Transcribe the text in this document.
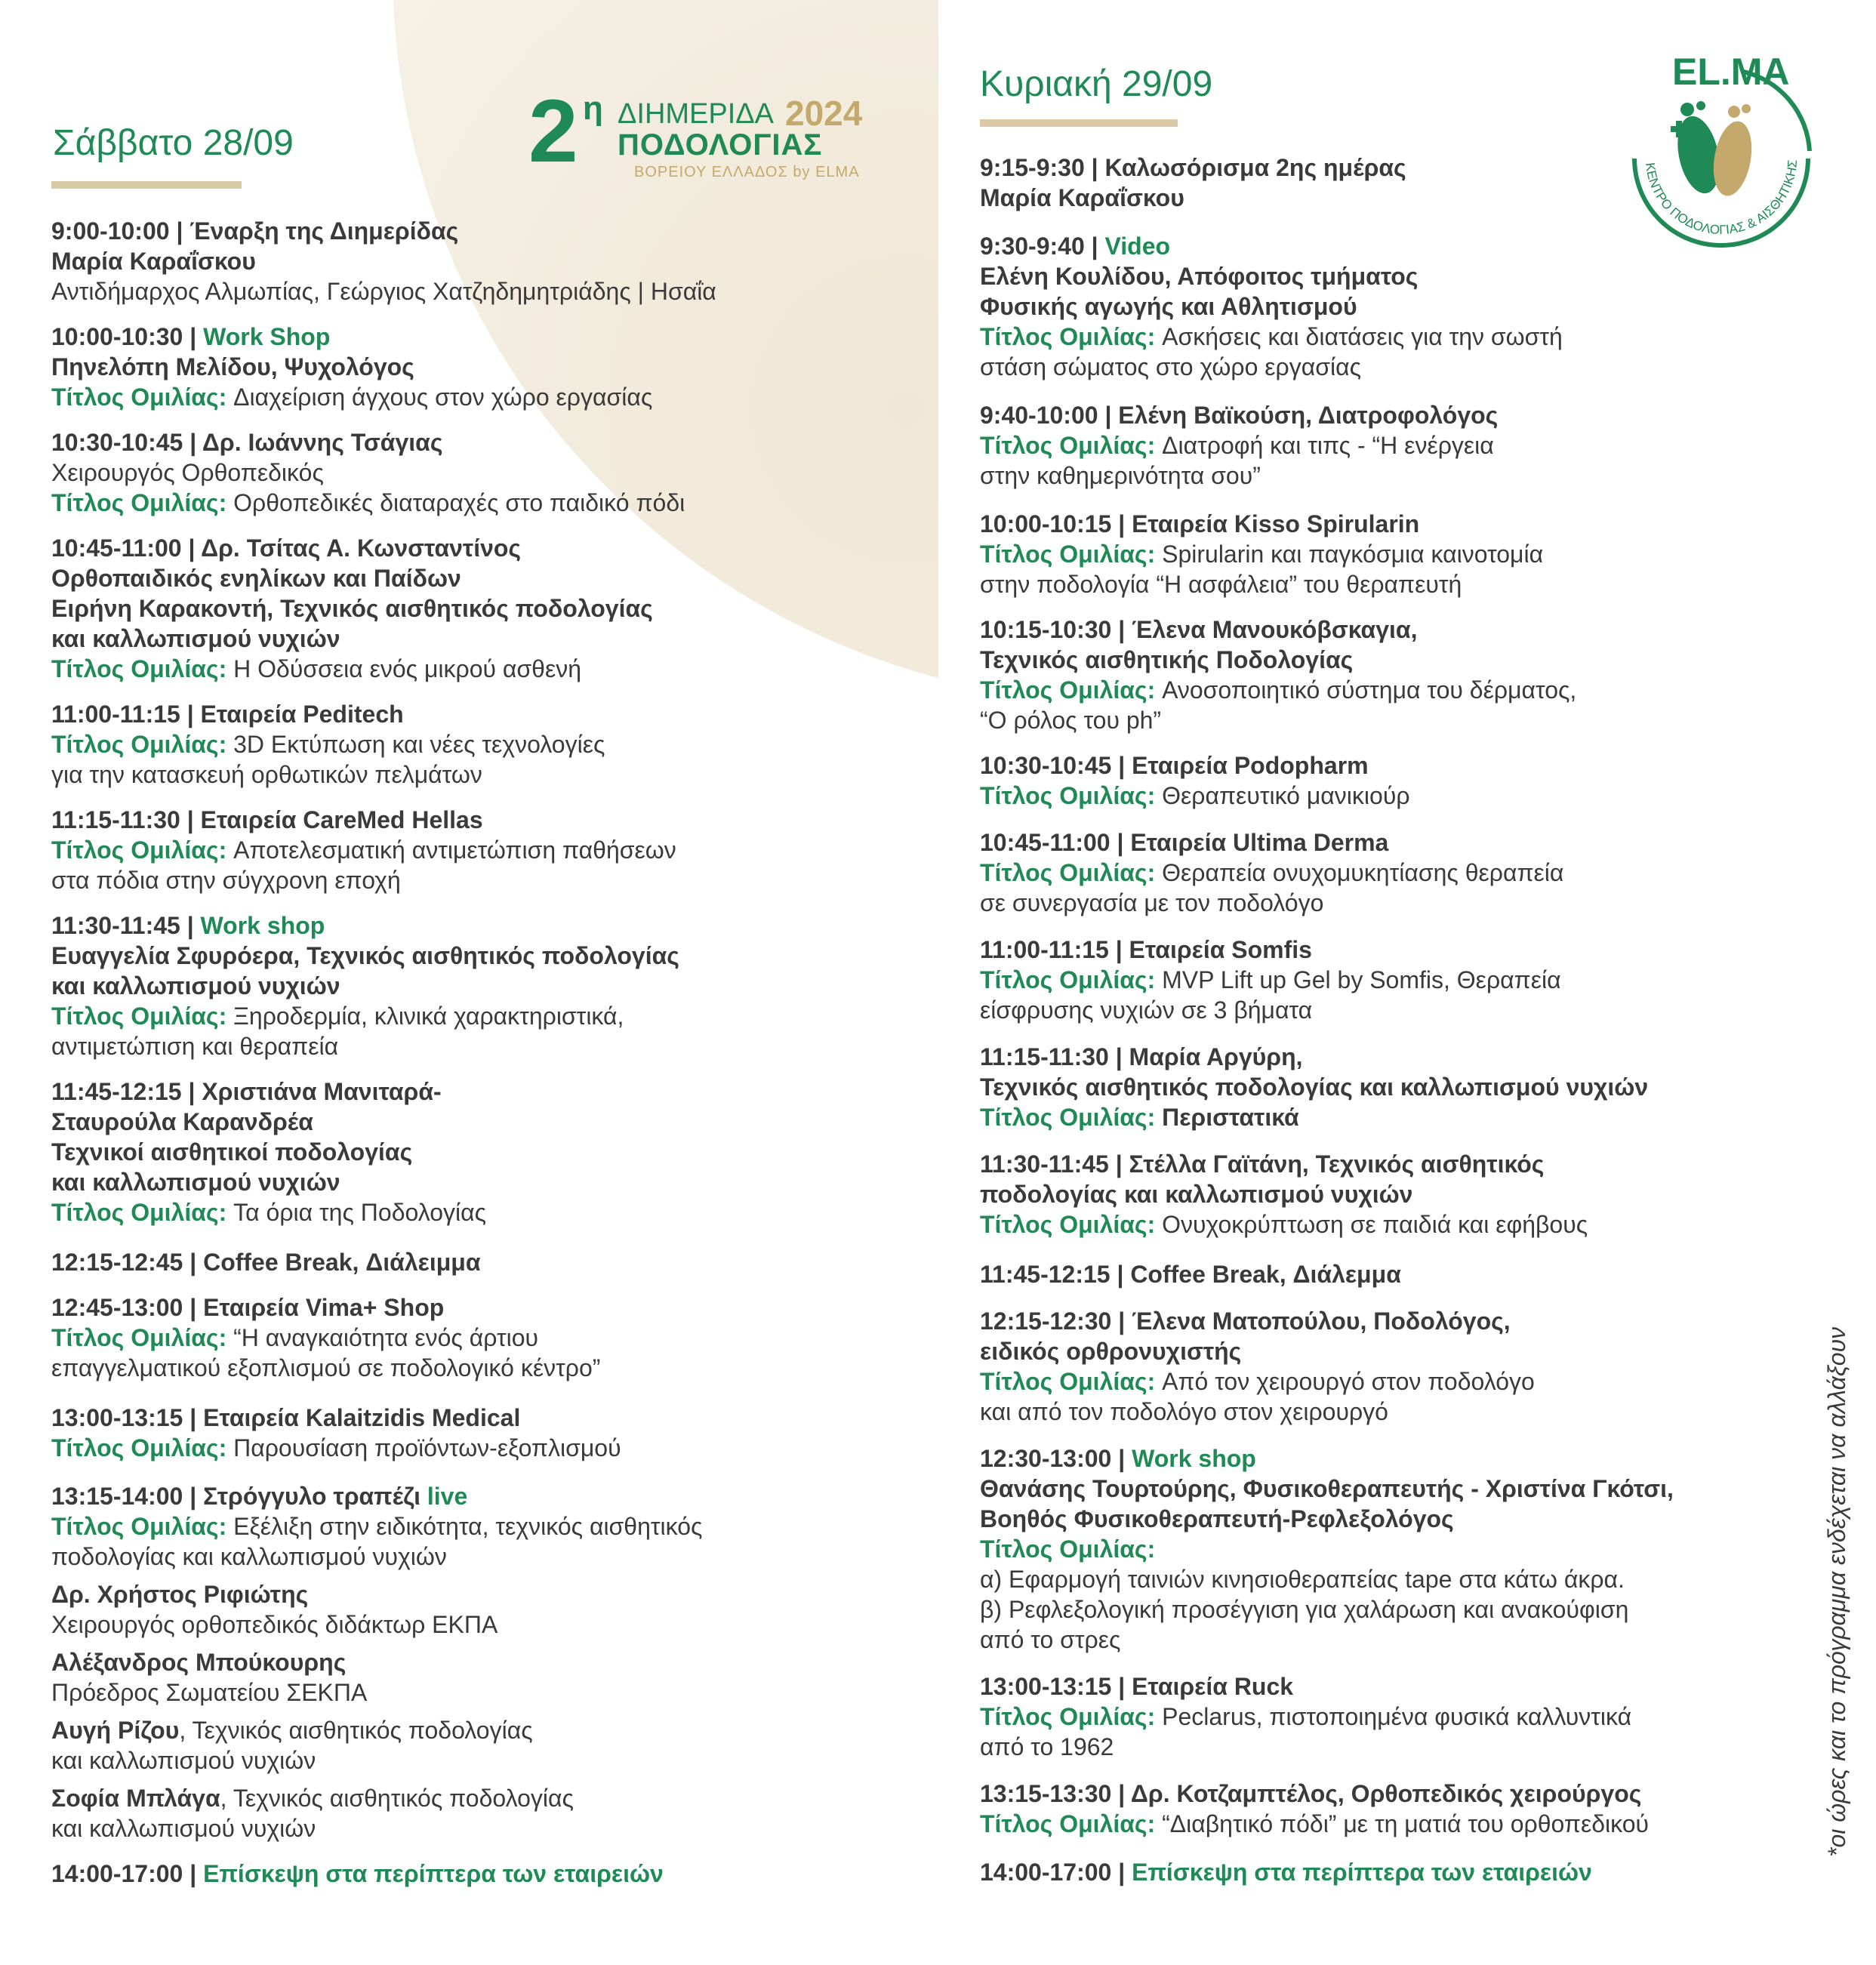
2 η ΔΙΗΜΕΡΙΔΑ 2024
ΠΟΔΟΛΟΓΙΑΣ
ΒΟΡΕΙΟΥ ΕΛΛΑΔΟΣ by ELMA
EL.MA
ΚΕΝΤΡΟ ΠΟΔΟΛΟΓΙΑΣ & ΑΙΣΘΗΤΙΚΗΣ
Σάββατο 28/09
Κυριακή 29/09
9:00-10:00 | Έναρξη της Διημερίδας
Μαρία Καραΐσκου
Αντιδήμαρχος Αλμωπίας, Γεώργιος Χατζηδημητριάδης | Ησαΐα
10:00-10:30 | Work Shop
Πηνελόπη Μελίδου, Ψυχολόγος
Τίτλος Ομιλίας: Διαχείριση άγχους στον χώρο εργασίας
10:30-10:45 | Δρ. Ιωάννης Τσάγιας
Χειρουργός Ορθοπεδικός
Τίτλος Ομιλίας: Ορθοπεδικές διαταραχές στο παιδικό πόδι
10:45-11:00 | Δρ. Τσίτας Α. Κωνσταντίνος
Ορθοπαιδικός ενηλίκων και Παίδων
Ειρήνη Καρακοντή, Τεχνικός αισθητικός ποδολογίας
και καλλωπισμού νυχιών
Τίτλος Ομιλίας: Η Οδύσσεια ενός μικρού ασθενή
11:00-11:15 | Εταιρεία Peditech
Τίτλος Ομιλίας: 3D Εκτύπωση και νέες τεχνολογίες
για την κατασκευή ορθωτικών πελμάτων
11:15-11:30 | Εταιρεία CareMed Hellas
Τίτλος Ομιλίας: Αποτελεσματική αντιμετώπιση παθήσεων
στα πόδια στην σύγχρονη εποχή
11:30-11:45 | Work shop
Ευαγγελία Σφυρόερα, Τεχνικός αισθητικός ποδολογίας
και καλλωπισμού νυχιών
Τίτλος Ομιλίας: Ξηροδερμία, κλινικά χαρακτηριστικά,
αντιμετώπιση και θεραπεία
11:45-12:15 | Χριστιάνα Μανιταρά-
Σταυρούλα Καρανδρέα
Τεχνικοί αισθητικοί ποδολογίας
και καλλωπισμού νυχιών
Τίτλος Ομιλίας: Τα όρια της Ποδολογίας
12:15-12:45 | Coffee Break, Διάλειμμα
12:45-13:00 | Εταιρεία Vima+ Shop
Τίτλος Ομιλίας: “Η αναγκαιότητα ενός άρτιου
επαγγελματικού εξοπλισμού σε ποδολογικό κέντρο”
13:00-13:15 | Εταιρεία Kalaitzidis Medical
Τίτλος Ομιλίας: Παρουσίαση προϊόντων-εξοπλισμού
13:15-14:00 | Στρόγγυλο τραπέζι live
Τίτλος Ομιλίας: Εξέλιξη στην ειδικότητα, τεχνικός αισθητικός
ποδολογίας και καλλωπισμού νυχιών
Δρ. Χρήστος Ριφιώτης
Χειρουργός ορθοπεδικός διδάκτωρ ΕΚΠΑ
Αλέξανδρος Μπούκουρης
Πρόεδρος Σωματείου ΣΕΚΠΑ
Αυγή Ρίζου, Τεχνικός αισθητικός ποδολογίας
και καλλωπισμού νυχιών
Σοφία Μπλάγα, Τεχνικός αισθητικός ποδολογίας
και καλλωπισμού νυχιών
14:00-17:00 | Επίσκεψη στα περίπτερα των εταιρειών
9:15-9:30 | Καλωσόρισμα 2ης ημέρας
Μαρία Καραΐσκου
9:30-9:40 | Video
Ελένη Κουλίδου, Απόφοιτος τμήματος
Φυσικής αγωγής και Αθλητισμού
Τίτλος Ομιλίας: Ασκήσεις και διατάσεις για την σωστή
στάση σώματος στο χώρο εργασίας
9:40-10:00 | Ελένη Βαϊκούση, Διατροφολόγος
Τίτλος Ομιλίας: Διατροφή και τιπς - “Η ενέργεια
στην καθημερινότητα σου”
10:00-10:15 | Εταιρεία Kisso Spirularin
Τίτλος Ομιλίας: Spirularin και παγκόσμια καινοτομία
στην ποδολογία “Η ασφάλεια” του θεραπευτή
10:15-10:30 | Έλενα Μανουκόβσκαγια,
Τεχνικός αισθητικής Ποδολογίας
Τίτλος Ομιλίας: Ανοσοποιητικό σύστημα του δέρματος,
“Ο ρόλος του ph”
10:30-10:45 | Εταιρεία Podopharm
Τίτλος Ομιλίας: Θεραπευτικό μανικιούρ
10:45-11:00 | Εταιρεία Ultima Derma
Τίτλος Ομιλίας: Θεραπεία ονυχομυκητίασης θεραπεία
σε συνεργασία με τον ποδολόγο
11:00-11:15 | Εταιρεία Somfis
Τίτλος Ομιλίας: MVP Lift up Gel by Somfis, Θεραπεία
είσφρυσης νυχιών σε 3 βήματα
11:15-11:30 | Μαρία Αργύρη,
Τεχνικός αισθητικός ποδολογίας και καλλωπισμού νυχιών
Τίτλος Ομιλίας: Περιστατικά
11:30-11:45 | Στέλλα Γαϊτάνη, Τεχνικός αισθητικός
ποδολογίας και καλλωπισμού νυχιών
Τίτλος Ομιλίας: Ονυχοκρύπτωση σε παιδιά και εφήβους
11:45-12:15 | Coffee Break, Διάλεμμα
12:15-12:30 | Έλενα Ματοπούλου, Ποδολόγος,
ειδικός ορθρονυχιστής
Τίτλος Ομιλίας: Από τον χειρουργό στον ποδολόγο
και από τον ποδολόγο στον χειρουργό
12:30-13:00 | Work shop
Θανάσης Τουρτούρης, Φυσικοθεραπευτής - Χριστίνα Γκότσι,
Βοηθός Φυσικοθεραπευτή-Ρεφλεξολόγος
Τίτλος Ομιλίας:
α) Εφαρμογή ταινιών κινησιοθεραπείας tape στα κάτω άκρα.
β) Ρεφλεξολογική προσέγγιση για χαλάρωση και ανακούφιση
από το στρες
13:00-13:15 | Εταιρεία Ruck
Τίτλος Ομιλίας: Peclarus, πιστοποιημένα φυσικά καλλυντικά
από το 1962
13:15-13:30 | Δρ. Κοτζαμπτέλος, Ορθοπεδικός χειρούργος
Τίτλος Ομιλίας: “Διαβητικό πόδι” με τη ματιά του ορθοπεδικού
14:00-17:00 | Επίσκεψη στα περίπτερα των εταιρειών
*οι ώρες και το πρόγραμμα ενδέχεται να αλλάξουν
